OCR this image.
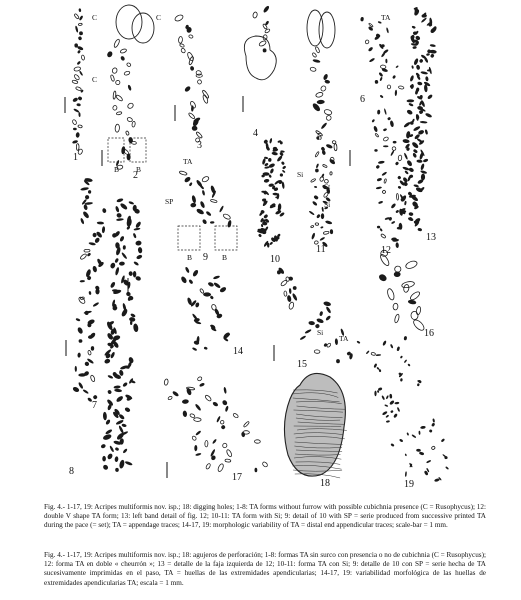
1
2
3
4	5
6
7
8
9	10
11	12
13
14
15
16
17
18	19
C
C
C	TA
B B
TA
SP
B	B
Si
St
Si
Si
TA
Fig. 4.- 1-17, 19: Acripes multiformis nov. isp.; 18: digging holes; 1-8: TA forms without furrow with possible cubichnia presence (C = Rusophycus); 12: double V shape TA form; 13: left band detail of fig. 12; 10-11: TA form with Si; 9: detail of 10 with SP = serie produced from successive printed TA during the pace (= set); TA = appendage traces; 14-17, 19: morphologic variability of TA = distal end appendicular traces; scale-bar = 1 mm.
Fig. 4.- 1-17, 19: Acripes multiformis nov. isp.; 18: agujeros de perforación; 1-8: formas TA sin surco con presencia o no de cubichnia (C = Rusophycus); 12: forma TA en doble « cheurrón »; 13 = detalle de la faja izquierda de 12; 10-11: forma TA con Si; 9: detalle de 10 con SP = serie hecha de TA sucesivamente imprimidas en el paso, TA = huellas de las extremidades apendicularias; 14-17, 19: variabilidad morfológica de las huellas de extremidades apendicularias TA; escala = 1 mm.
